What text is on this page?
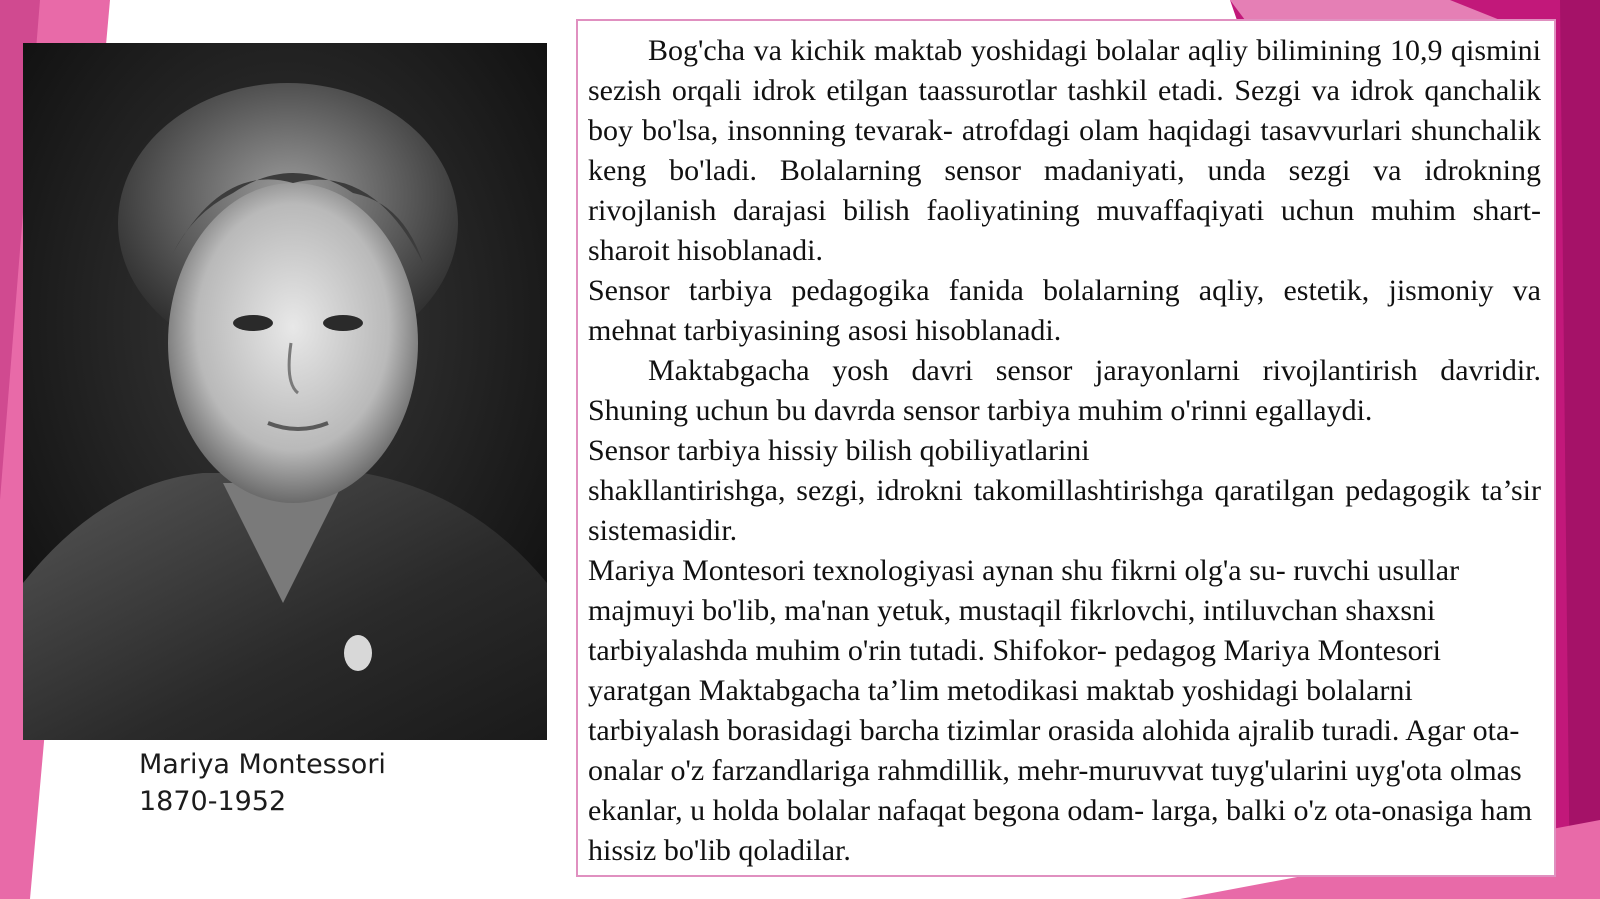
Mariya Montessori
1870-1952

Bog'cha va kichik maktab yoshidagi bolalar aqliy bilimining 10,9 qismini sezish orqali idrok etilgan taassurotlar tashkil etadi. Sezgi va idrok qanchalik boy bo'lsa, insonning tevarak- atrofdagi olam haqidagi tasavvurlari shunchalik keng bo'ladi. Bolalarning sensor madaniyati, unda sezgi va idrokning rivojlanish darajasi bilish faoliyatining muvaffaqiyati uchun muhim shart- sharoit hisoblanadi.

Sensor tarbiya pedagogika fanida bolalarning aqliy, estetik, jismoniy va mehnat tarbiyasining asosi hisoblanadi.

Maktabgacha yosh davri sensor jarayonlarni rivojlantirish davridir. Shuning uchun bu davrda sensor tarbiya muhim o'rinni egallaydi.

Sensor tarbiya hissiy bilish qobiliyatlarini

shakllantirishga, sezgi, idrokni takomillashtirishga qaratilgan pedagogik ta’sir sistemasidir.

Mariya Montesori texnologiyasi aynan shu fikrni olg'a su- ruvchi usullar majmuyi bo'lib, ma'nan yetuk, mustaqil fikrlovchi, intiluvchan shaxsni tarbiyalashda muhim o'rin tutadi. Shifokor- pedagog Mariya Montesori yaratgan Maktabgacha ta’lim metodikasi maktab yoshidagi bolalarni tarbiyalash borasidagi barcha tizimlar orasida alohida ajralib turadi. Agar ota-onalar o'z farzandlariga rahmdillik, mehr-muruvvat tuyg'ularini uyg'ota olmas ekanlar, u holda bolalar nafaqat begona odam- larga, balki o'z ota-onasiga ham hissiz bo'lib qoladilar.
